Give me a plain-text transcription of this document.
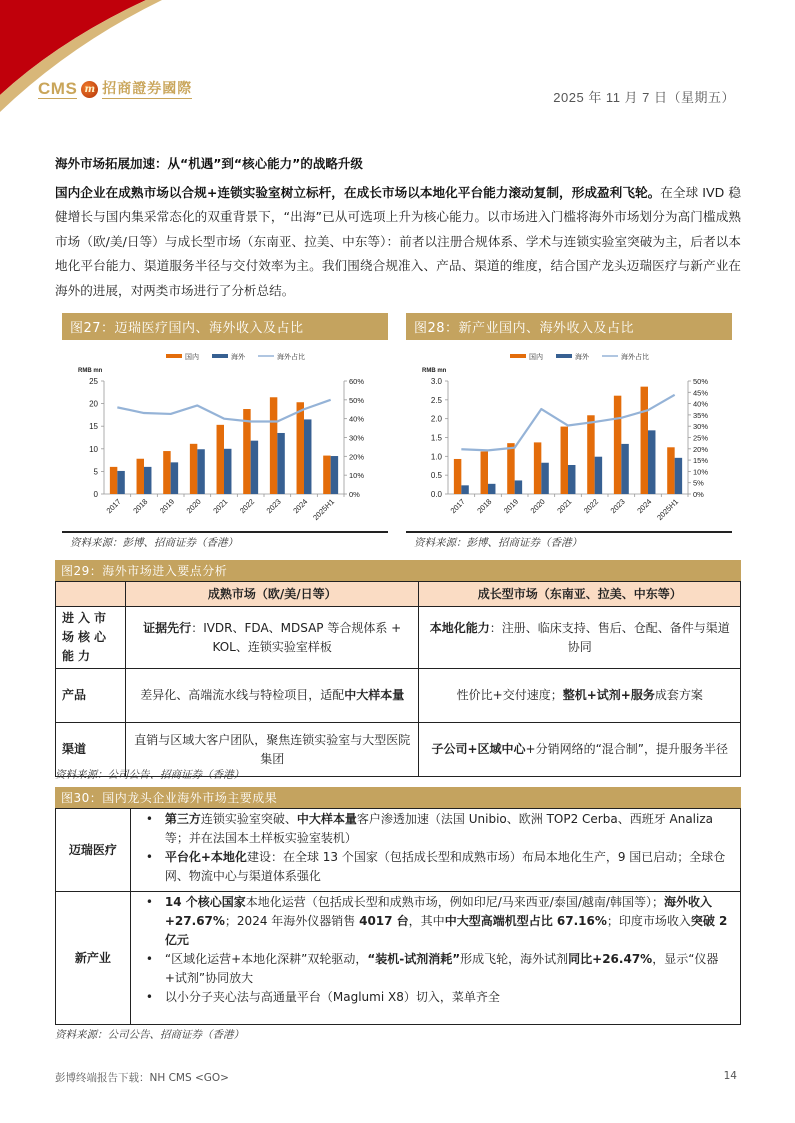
CMS m 招商證券國際
2025 年 11 月 7 日（星期五）
海外市场拓展加速：从“机遇”到“核心能力”的战略升级
国内企业在成熟市场以合规+连锁实验室树立标杆，在成长市场以本地化平台能力滚动复制，形成盈利飞轮。在全球 IVD 稳健增长与国内集采常态化的双重背景下，“出海”已从可选项上升为核心能力。以市场进入门槛将海外市场划分为高门槛成熟市场（欧/美/日等）与成长型市场（东南亚、拉美、中东等）：前者以注册合规体系、学术与连锁实验室突破为主，后者以本地化平台能力、渠道服务半径与交付效率为主。我们围绕合规准入、产品、渠道的维度，结合国产龙头迈瑞医疗与新产业在海外的进展，对两类市场进行了分析总结。
图27：迈瑞医疗国内、海外收入及占比
国内	海外	海外占比
RMB mn
0
5
10
15
20
25
0%
10%
20%
30%
40%
50%
60%
2017 2018 2019 2020 2021 2022 2023 2024 2025H1
资料来源：彭博、招商证券（香港）
图28：新产业国内、海外收入及占比
国内	海外	海外占比
RMB mn
0.0
0.5
1.0
1.5
2.0
2.5
3.0
0%
5%
10%
15%
20%
25%
30%
35%
40%
45%
50%
2017 2018 2019 2020 2021 2022 2023 2024 2025H1
资料来源：彭博、招商证券（香港）
图29：海外市场进入要点分析
	成熟市场（欧/美/日等）	成长型市场（东南亚、拉美、中东等）
进入市场核心能力	证据先行：IVDR、FDA、MDSAP 等合规体系 + KOL、连锁实验室样板	本地化能力：注册、临床支持、售后、仓配、备件与渠道协同
产品	差异化、高端流水线与特检项目，适配中大样本量	性价比+交付速度；整机+试剂+服务成套方案
渠道	直销与区域大客户团队，聚焦连锁实验室与大型医院集团	子公司+区域中心+分销网络的“混合制”，提升服务半径
资料来源：公司公告、招商证券（香港）
图30：国内龙头企业海外市场主要成果
迈瑞医疗	
• 第三方连锁实验室突破、中大样本量客户渗透加速（法国 Unibio、欧洲 TOP2 Cerba、西班牙 Analiza 等；并在法国本土样板实验室装机）
• 平台化+本地化建设：在全球 13 个国家（包括成长型和成熟市场）布局本地化生产，9 国已启动；全球仓网、物流中心与渠道体系强化

新产业	
• 14 个核心国家本地化运营（包括成长型和成熟市场，例如印尼/马来西亚/泰国/越南/韩国等）；海外收入+27.67%；2024 年海外仪器销售 4017 台，其中中大型高端机型占比 67.16%；印度市场收入突破 2 亿元
• “区域化运营+本地化深耕”双轮驱动，“装机-试剂消耗”形成飞轮，海外试剂同比+26.47%，显示“仪器+试剂”协同放大
• 以小分子夹心法与高通量平台（Maglumi X8）切入，菜单齐全
资料来源：公司公告、招商证券（香港）
彭博终端报告下载：NH CMS <GO>	14
